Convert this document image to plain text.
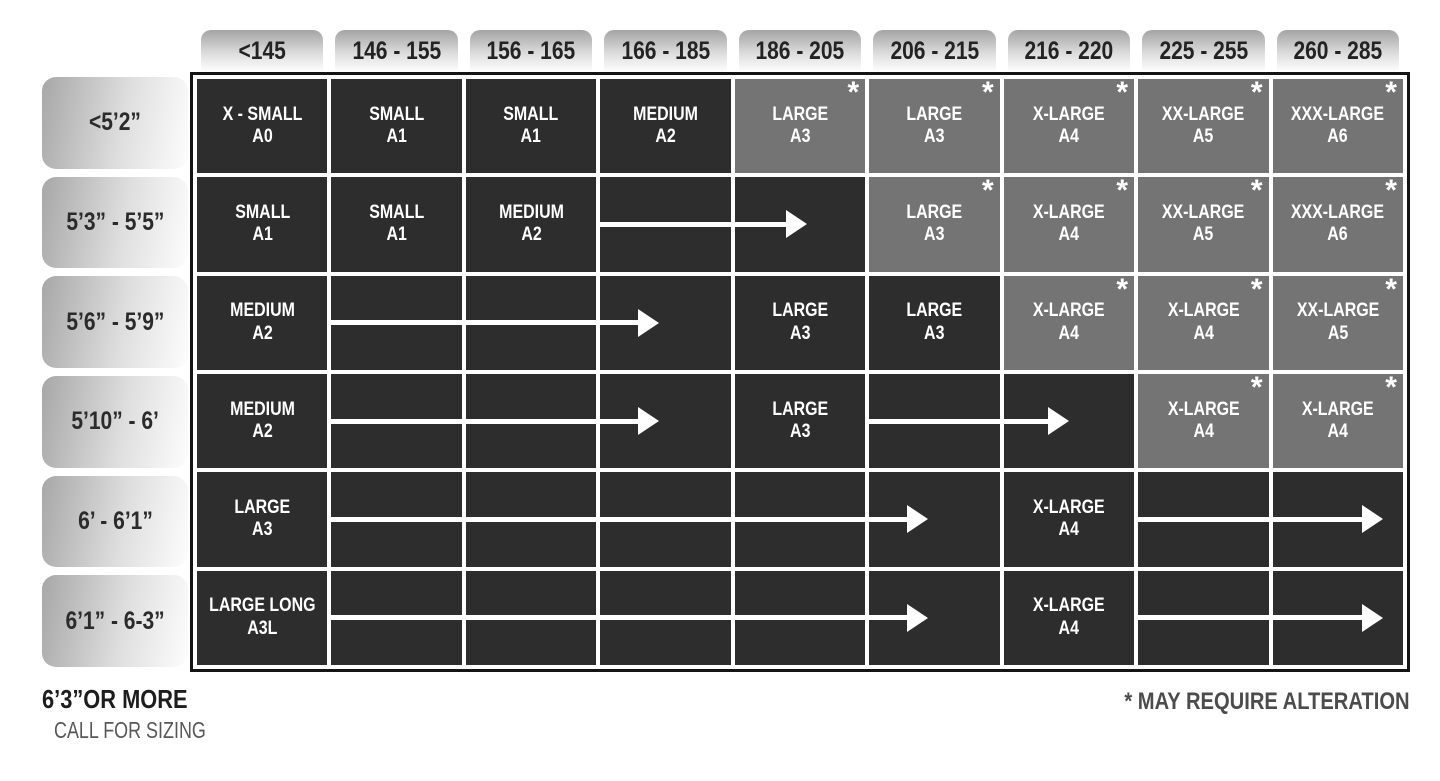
<145	146 - 155 156 - 165 166 - 185 186 - 205 206 - 215 216 - 220 225 - 255 260 - 285
<5’2”
5’3” - 5’5”
5’6” - 5’9”
5’10” - 6’
6’ - 6’1”
6’1” - 6-3”
X - SMALL
A0
SMALL
A1
SMALL
A1
MEDIUM
A2
LARGE
A3
*
LARGE
A3
*
X-LARGE
A4
*
XX-LARGE
A5
*
XXX-LARGE
A6
*
SMALL
A1
SMALL
A1
MEDIUM
A2
LARGE
A3
*
X-LARGE
A4
*
XX-LARGE
A5
*
XXX-LARGE
A6
*
MEDIUM
A2
LARGE
A3
LARGE
A3
X-LARGE
A4
*
X-LARGE
A4
*
XX-LARGE
A5
*
MEDIUM
A2
LARGE
A3
X-LARGE
A4
*
X-LARGE
A4
*
LARGE
A3
X-LARGE
A4
LARGE LONG
A3L
X-LARGE
A4
6’3”OR MORE
CALL FOR SIZING
* MAY REQUIRE ALTERATION
